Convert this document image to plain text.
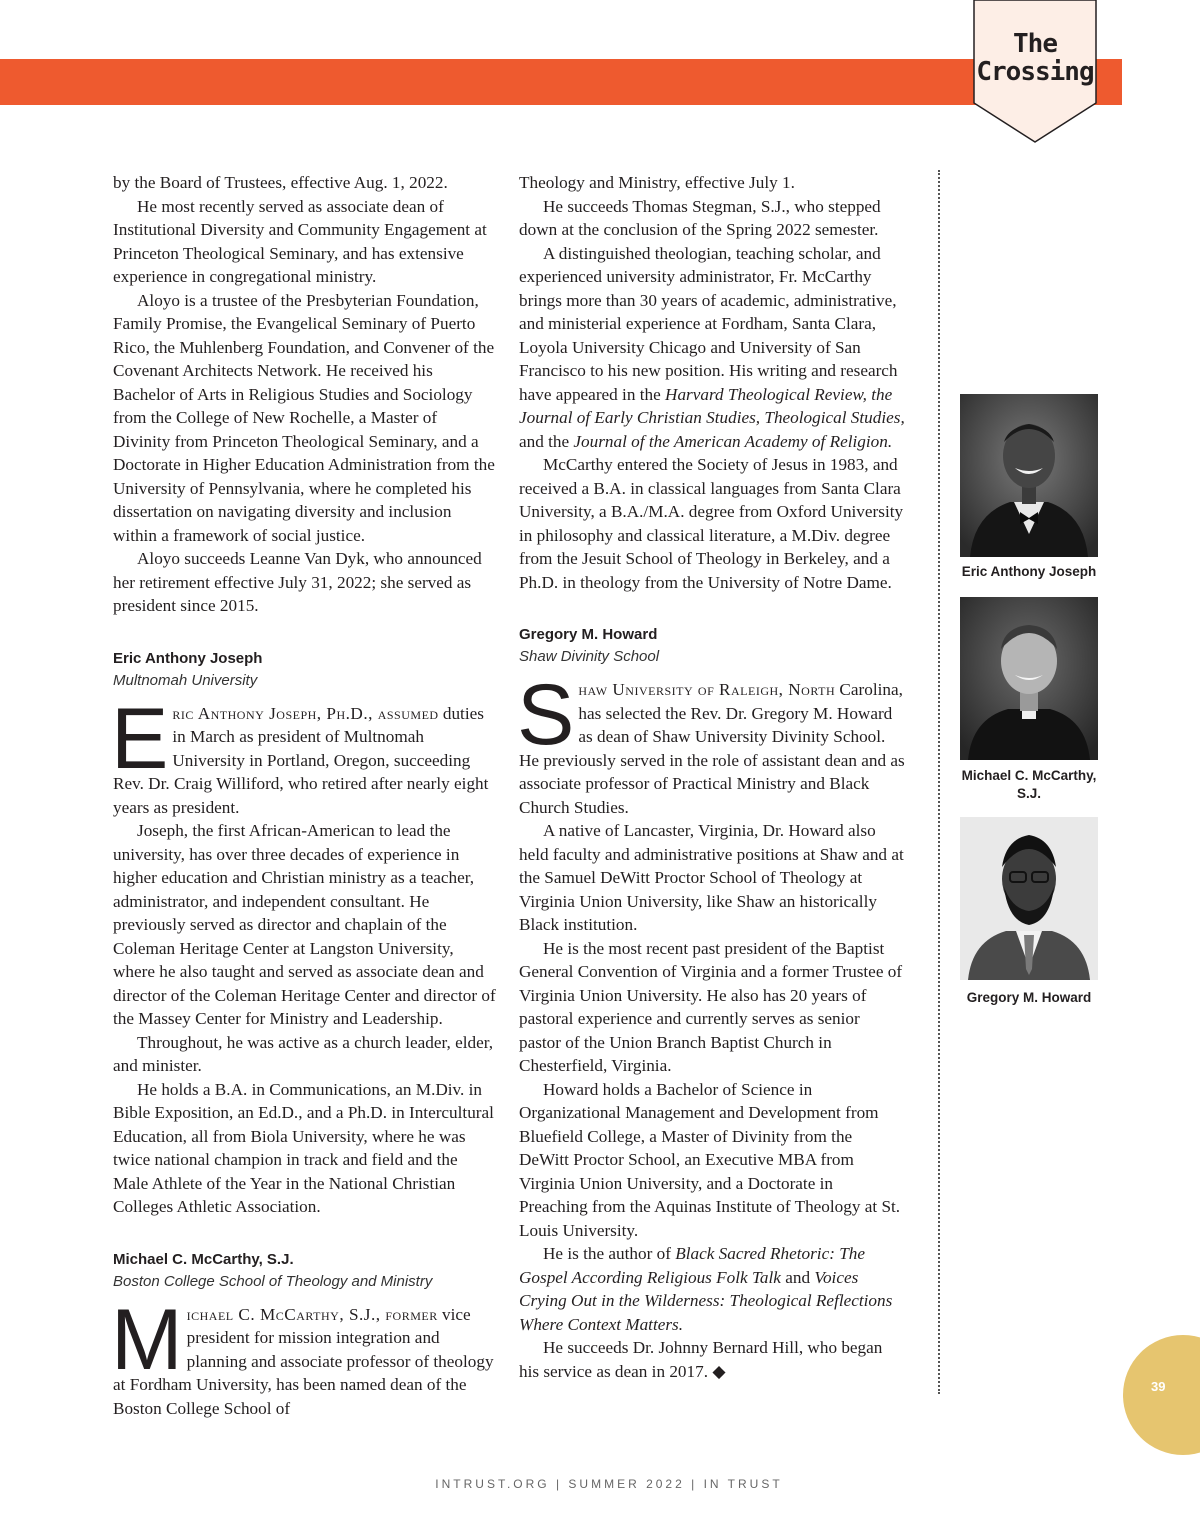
The
Crossing

by the Board of Trustees, effective Aug. 1, 2022.

He most recently served as associate dean of Institutional Diversity and Community Engagement at Princeton Theological Seminary, and has extensive experience in congregational ministry.

Aloyo is a trustee of the Presbyterian Foundation, Family Promise, the Evangelical Seminary of Puerto Rico, the Muhlenberg Foundation, and Convener of the Covenant Architects Network. He received his Bachelor of Arts in Religious Studies and Sociology from the College of New Rochelle, a Master of Divinity from Princeton Theological Seminary, and a Doctorate in Higher Education Administration from the University of Pennsylvania, where he completed his dissertation on navigating diversity and inclusion within a framework of social justice.

Aloyo succeeds Leanne Van Dyk, who announced her retirement effective July 31, 2022; she served as president since 2015.

Eric Anthony Joseph
Multnomah University

Eric Anthony Joseph, Ph.D., assumed duties in March as president of Multnomah University in Portland, Oregon, succeeding Rev. Dr. Craig Williford, who retired after nearly eight years as president.

Joseph, the first African-American to lead the university, has over three decades of experience in higher education and Christian ministry as a teacher, administrator, and independent consultant. He previously served as director and chaplain of the Coleman Heritage Center at Langston University, where he also taught and served as associate dean and director of the Coleman Heritage Center and director of the Massey Center for Ministry and Leadership.

Throughout, he was active as a church leader, elder, and minister.

He holds a B.A. in Communications, an M.Div. in Bible Exposition, an Ed.D., and a Ph.D. in Intercultural Education, all from Biola University, where he was twice national champion in track and field and the Male Athlete of the Year in the National Christian Colleges Athletic Association.

Michael C. McCarthy, S.J.
Boston College School of Theology and Ministry

Michael C. McCarthy, S.J., former vice president for mission integration and planning and associate professor of theology at Fordham University, has been named dean of the Boston College School of

Theology and Ministry, effective July 1.

He succeeds Thomas Stegman, S.J., who stepped down at the conclusion of the Spring 2022 semester.

A distinguished theologian, teaching scholar, and experienced university administrator, Fr. McCarthy brings more than 30 years of academic, administrative, and ministerial experience at Fordham, Santa Clara, Loyola University Chicago and University of San Francisco to his new position. His writing and research have appeared in the Harvard Theological Review, the Journal of Early Christian Studies, Theological Studies, and the Journal of the American Academy of Religion.

McCarthy entered the Society of Jesus in 1983, and received a B.A. in classical languages from Santa Clara University, a B.A./M.A. degree from Oxford University in philosophy and classical literature, a M.Div. degree from the Jesuit School of Theology in Berkeley, and a Ph.D. in theology from the University of Notre Dame.

Gregory M. Howard
Shaw Divinity School

Shaw University of Raleigh, North Carolina, has selected the Rev. Dr. Gregory M. Howard as dean of Shaw University Divinity School. He previously served in the role of assistant dean and as associate professor of Practical Ministry and Black Church Studies.

A native of Lancaster, Virginia, Dr. Howard also held faculty and administrative positions at Shaw and at the Samuel DeWitt Proctor School of Theology at Virginia Union University, like Shaw an historically Black institution.

He is the most recent past president of the Baptist General Convention of Virginia and a former Trustee of Virginia Union University. He also has 20 years of pastoral experience and currently serves as senior pastor of the Union Branch Baptist Church in Chesterfield, Virginia.

Howard holds a Bachelor of Science in Organizational Management and Development from Bluefield College, a Master of Divinity from the DeWitt Proctor School, an Executive MBA from Virginia Union University, and a Doctorate in Preaching from the Aquinas Institute of Theology at St. Louis University.

He is the author of Black Sacred Rhetoric: The Gospel According Religious Folk Talk and Voices Crying Out in the Wilderness: Theological Reflections Where Context Matters.

He succeeds Dr. Johnny Bernard Hill, who began his service as dean in 2017. ◆

Eric Anthony Joseph
Michael C. McCarthy, S.J.
Gregory M. Howard
39
INTRUST.ORG | SUMMER 2022 | IN TRUST
